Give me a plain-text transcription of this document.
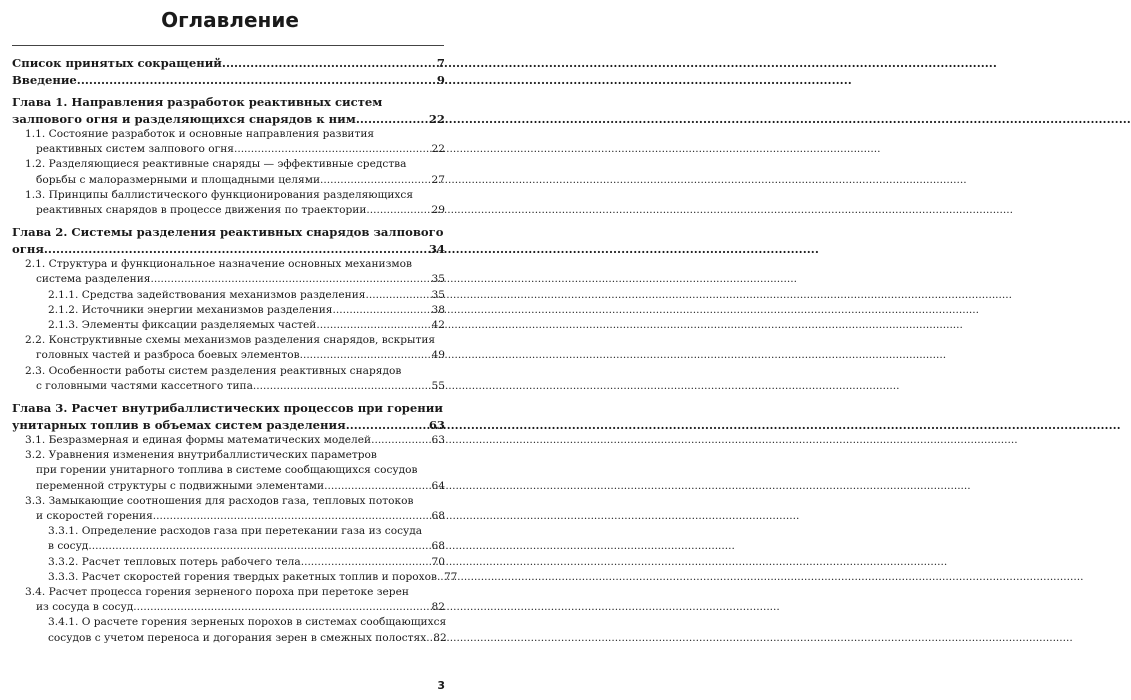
Оглавление
Список принятых сокращений .....	7
Введение .....	9
Глава 1. Направления разработок реактивных систем
залпового огня и разделяющихся снарядов к ним .....	22
1.1. Состояние разработок и основные направления развития
реактивных систем залпового огня .....	22
1.2. Разделяющиеся реактивные снаряды — эффективные средства
борьбы с малоразмерными и площадными целями .....	27
1.3. Принципы баллистического функционирования разделяющихся
реактивных снарядов в процессе движения по траектории .....	29
Глава 2. Системы разделения реактивных снарядов залпового
огня .....	34
2.1. Структура и функциональное назначение основных механизмов
система разделения .....	35
2.1.1. Средства задействования механизмов разделения .....	35
2.1.2. Источники энергии механизмов разделения .....	38
2.1.3. Элементы фиксации разделяемых частей .....	42
2.2. Конструктивные схемы механизмов разделения снарядов, вскрытия
головных частей и разброса боевых элементов .....	49
2.3. Особенности работы систем разделения реактивных снарядов
с головными частями кассетного типа .....	55
Глава 3. Расчет внутрибаллистических процессов при горении
унитарных топлив в объемах систем разделения .....	63
3.1. Безразмерная и единая формы математических моделей .....	63
3.2. Уравнения изменения внутрибаллистических параметров
при горении унитарного топлива в системе сообщающихся сосудов
переменной структуры с подвижными элементами .....	64
3.3. Замыкающие соотношения для расходов газа, тепловых потоков
и скоростей горения .....	68
3.3.1. Определение расходов газа при перетекании газа из сосуда
в сосуд .....	68
3.3.2. Расчет тепловых потерь рабочего тела .....	70
3.3.3. Расчет скоростей горения твердых ракетных топлив и порохов ..... 77
3.4. Расчет процесса горения зерненого пороха при перетоке зерен
из сосуда в сосуд .....	82
3.4.1. О расчете горения зерненых порохов в системах сообщающихся
сосудов с учетом переноса и догорания зерен в смежных полостях ..... 82
3
